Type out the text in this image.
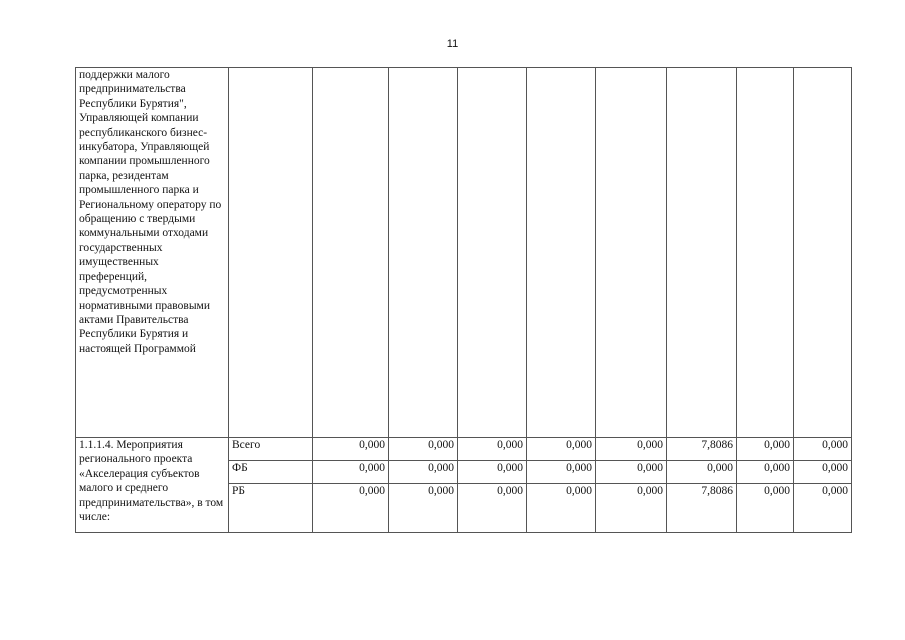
11
поддержки малого предпринимательства Республики Бурятия", Управляющей компании республиканского бизнес-инкубатора, Управляющей компании промышленного парка, резидентам промышленного парка и Региональному оператору по обращению с твердыми коммунальными отходами государственных имущественных преференций, предусмотренных нормативными правовыми актами Правительства Республики Бурятия и настоящей Программой									
1.1.1.4. Мероприятия регионального проекта «Акселерация субъектов малого и среднего предпринимательства», в том числе:	Всего	0,000	0,000	0,000	0,000	0,000	7,8086	0,000	0,000
	ФБ	0,000	0,000	0,000	0,000	0,000	0,000	0,000	0,000
	РБ	0,000	0,000	0,000	0,000	0,000	7,8086	0,000	0,000
